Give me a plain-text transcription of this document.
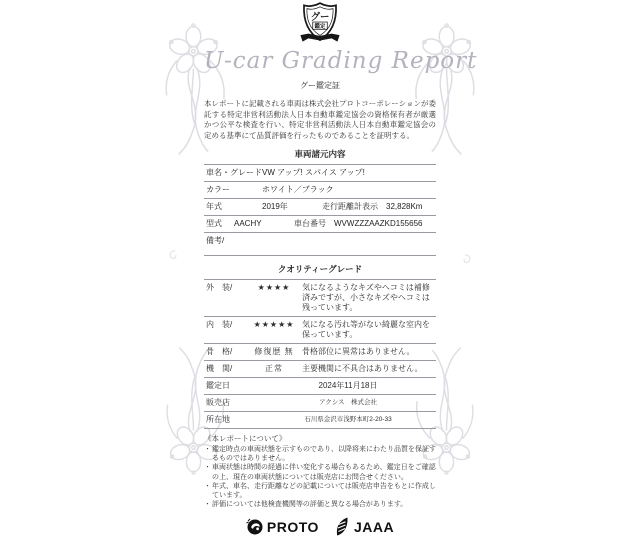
グー
鑑定
U-car Grading Report
グー鑑定証

本レポートに記載される車両は株式会社プロトコーポレーションが委託する特定非営利活動法人日本自動車鑑定協会の資格保有者が厳選かつ公平な検査を行い、特定非営利活動法人日本自動車鑑定協会の定める基準にて品質評価を行ったものであることを証明する。

車両諸元内容
車名・グレード VW アップ! スパイス アップ!
カラー	ホワイト／ブラック
年式	2019年	走行距離計表示	32,828Km
型式	AACHY	車台番号	WVWZZZAAZKD155656
備考/
クオリティーグレード
外　装/	★★★★	気になるようなキズやヘコミは補修済みですが、小さなキズやヘコミは残っています。
内　装/	★★★★★ 気になる汚れ等がない綺麗な室内を保っています。
骨　格/	修復歴 無	骨格部位に異常はありません。
機　関/	正常	主要機関に不具合はありません。
鑑定日	2024年11月18日
販売店	アクシス　株式会社
所在地	石川県金沢市浅野本町2-20-33
《本レポートについて》
・ 鑑定時点の車両状態を示すものであり、以降将来にわたり品質を保証するものではありません。
・ 車両状態は時間の経過に伴い変化する場合もあるため、鑑定日をご確認の上、現在の車両状態については販売店にお問合せください。
・ 年式、車名、走行距離などの記載については販売店申告をもとに作成しています。
・ 評価については他検査機関等の評価と異なる場合があります。
PROTO	JAAA
